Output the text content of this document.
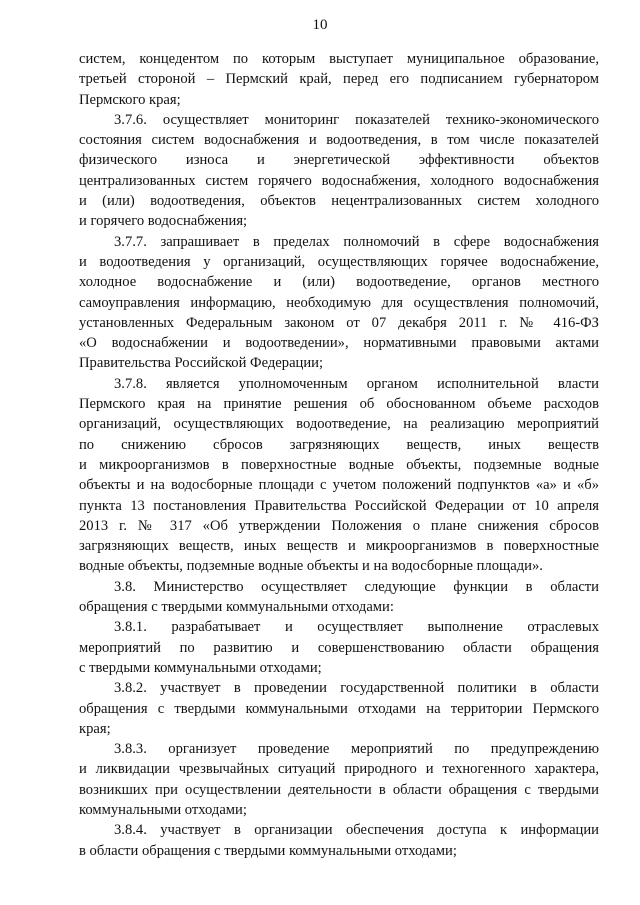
10
систем, концедентом по которым выступает муниципальное образование,
третьей стороной – Пермский край, перед его подписанием губернатором
Пермского края;
3.7.6. осуществляет мониторинг показателей технико-экономического
состояния систем водоснабжения и водоотведения, в том числе показателей
физического износа и энергетической эффективности объектов
централизованных систем горячего водоснабжения, холодного водоснабжения
и (или) водоотведения, объектов нецентрализованных систем холодного
и горячего водоснабжения;
3.7.7. запрашивает в пределах полномочий в сфере водоснабжения
и водоотведения у организаций, осуществляющих горячее водоснабжение,
холодное водоснабжение и (или) водоотведение, органов местного
самоуправления информацию, необходимую для осуществления полномочий,
установленных Федеральным законом от 07 декабря 2011 г. № 416-ФЗ
«О водоснабжении и водоотведении», нормативными правовыми актами
Правительства Российской Федерации;
3.7.8. является уполномоченным органом исполнительной власти
Пермского края на принятие решения об обоснованном объеме расходов
организаций, осуществляющих водоотведение, на реализацию мероприятий
по снижению сбросов загрязняющих веществ, иных веществ
и микроорганизмов в поверхностные водные объекты, подземные водные
объекты и на водосборные площади с учетом положений подпунктов «а» и «б»
пункта 13 постановления Правительства Российской Федерации от 10 апреля
2013 г. № 317 «Об утверждении Положения о плане снижения сбросов
загрязняющих веществ, иных веществ и микроорганизмов в поверхностные
водные объекты, подземные водные объекты и на водосборные площади».
3.8. Министерство осуществляет следующие функции в области
обращения с твердыми коммунальными отходами:
3.8.1. разрабатывает и осуществляет выполнение отраслевых
мероприятий по развитию и совершенствованию области обращения
с твердыми коммунальными отходами;
3.8.2. участвует в проведении государственной политики в области
обращения с твердыми коммунальными отходами на территории Пермского
края;
3.8.3. организует проведение мероприятий по предупреждению
и ликвидации чрезвычайных ситуаций природного и техногенного характера,
возникших при осуществлении деятельности в области обращения с твердыми
коммунальными отходами;
3.8.4. участвует в организации обеспечения доступа к информации
в области обращения с твердыми коммунальными отходами;
